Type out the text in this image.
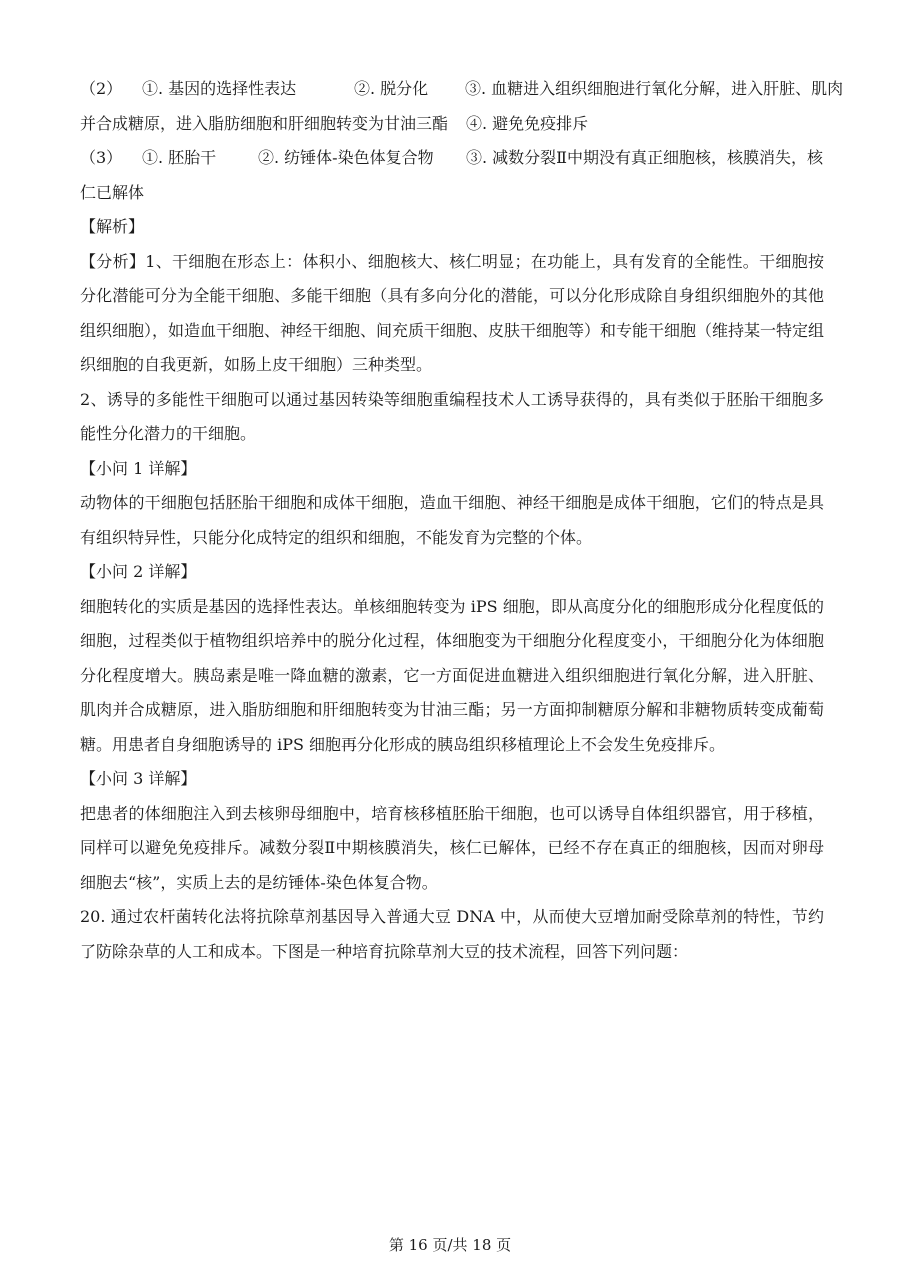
（2） ①. 基因的选择性表达	②. 脱分化 ③. 血糖进入组织细胞进行氧化分解，进入肝脏、肌肉

并合成糖原，进入脂肪细胞和肝细胞转变为甘油三酯 ④. 避免免疫排斥

（3） ①. 胚胎干	②. 纺锤体-染色体复合物 ③. 减数分裂Ⅱ中期没有真正细胞核，核膜消失，核

仁已解体

【解析】

【分析】1、干细胞在形态上：体积小、细胞核大、核仁明显；在功能上，具有发育的全能性。干细胞按分化潜能可分为全能干细胞、多能干细胞（具有多向分化的潜能，可以分化形成除自身组织细胞外的其他组织细胞），如造血干细胞、神经干细胞、间充质干细胞、皮肤干细胞等）和专能干细胞（维持某一特定组织细胞的自我更新，如肠上皮干细胞）三种类型。

2、诱导的多能性干细胞可以通过基因转染等细胞重编程技术人工诱导获得的，具有类似于胚胎干细胞多能性分化潜力的干细胞。

【小问 1 详解】

动物体的干细胞包括胚胎干细胞和成体干细胞，造血干细胞、神经干细胞是成体干细胞，它们的特点是具有组织特异性，只能分化成特定的组织和细胞，不能发育为完整的个体。

【小问 2 详解】

细胞转化的实质是基因的选择性表达。单核细胞转变为 iPS 细胞，即从高度分化的细胞形成分化程度低的细胞，过程类似于植物组织培养中的脱分化过程，体细胞变为干细胞分化程度变小，干细胞分化为体细胞分化程度增大。胰岛素是唯一降血糖的激素，它一方面促进血糖进入组织细胞进行氧化分解，进入肝脏、肌肉并合成糖原，进入脂肪细胞和肝细胞转变为甘油三酯；另一方面抑制糖原分解和非糖物质转变成葡萄糖。用患者自身细胞诱导的 iPS 细胞再分化形成的胰岛组织移植理论上不会发生免疫排斥。

【小问 3 详解】

把患者的体细胞注入到去核卵母细胞中，培育核移植胚胎干细胞，也可以诱导自体组织器官，用于移植，同样可以避免免疫排斥。减数分裂Ⅱ中期核膜消失，核仁已解体，已经不存在真正的细胞核，因而对卵母细胞去“核”，实质上去的是纺锤体-染色体复合物。

20. 通过农杆菌转化法将抗除草剂基因导入普通大豆 DNA 中，从而使大豆增加耐受除草剂的特性，节约了防除杂草的人工和成本。下图是一种培育抗除草剂大豆的技术流程，回答下列问题：

第 16 页/共 18 页
